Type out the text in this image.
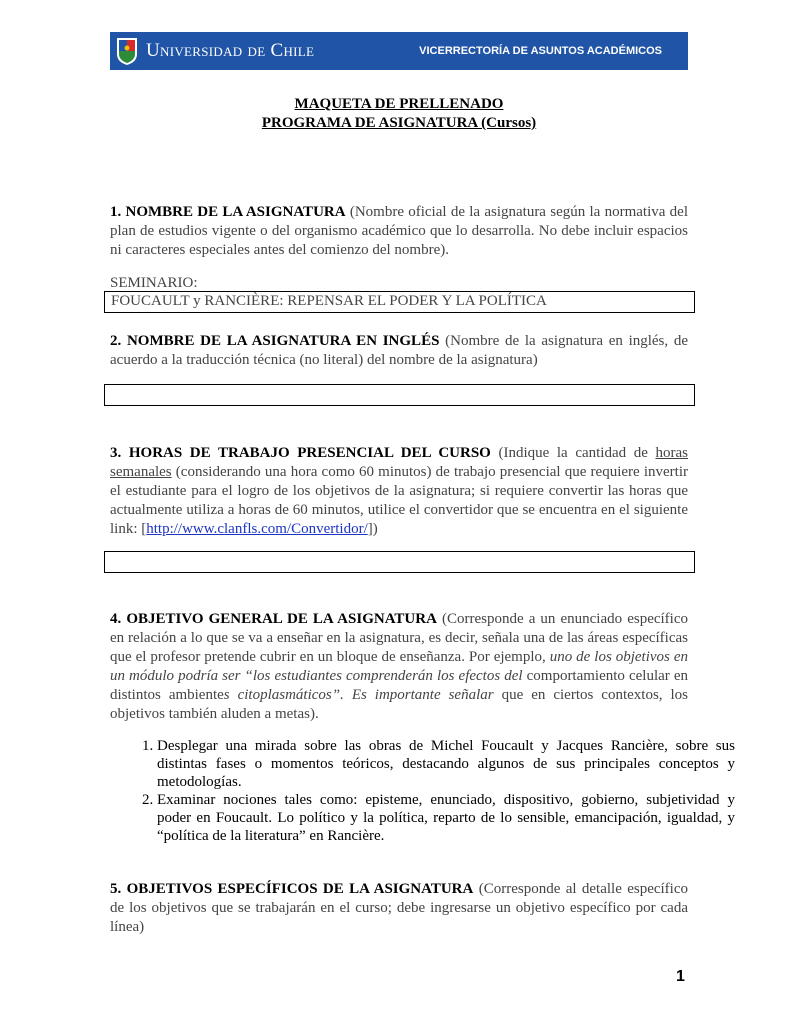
Universidad de Chile	VICERRECTORÍA DE ASUNTOS ACADÉMICOS
MAQUETA DE PRELLENADO
PROGRAMA DE ASIGNATURA (Cursos)
1. NOMBRE DE LA ASIGNATURA (Nombre oficial de la asignatura según la normativa del plan de estudios vigente o del organismo académico que lo desarrolla. No debe incluir espacios ni caracteres especiales antes del comienzo del nombre).
SEMINARIO:
FOUCAULT y RANCIÈRE: REPENSAR EL PODER Y LA POLÍTICA
2. NOMBRE DE LA ASIGNATURA EN INGLÉS (Nombre de la asignatura en inglés, de acuerdo a la traducción técnica (no literal) del nombre de la asignatura)
3. HORAS DE TRABAJO PRESENCIAL DEL CURSO (Indique la cantidad de horas semanales (considerando una hora como 60 minutos) de trabajo presencial que requiere invertir el estudiante para el logro de los objetivos de la asignatura; si requiere convertir las horas que actualmente utiliza a horas de 60 minutos, utilice el convertidor que se encuentra en el siguiente link: [http://www.clanfls.com/Convertidor/])
4. OBJETIVO GENERAL DE LA ASIGNATURA (Corresponde a un enunciado específico en relación a lo que se va a enseñar en la asignatura, es decir, señala una de las áreas específicas que el profesor pretende cubrir en un bloque de enseñanza. Por ejemplo, uno de los objetivos en un módulo podría ser “los estudiantes comprenderán los efectos del comportamiento celular en distintos ambientes citoplasmáticos”. Es importante señalar que en ciertos contextos, los objetivos también aluden a metas).
1. Desplegar una mirada sobre las obras de Michel Foucault y Jacques Rancière, sobre sus distintas fases o momentos teóricos, destacando algunos de sus principales conceptos y metodologías.
2. Examinar nociones tales como: episteme, enunciado, dispositivo, gobierno, subjetividad y poder en Foucault. Lo político y la política, reparto de lo sensible, emancipación, igualdad, y “política de la literatura” en Rancière.
5. OBJETIVOS ESPECÍFICOS DE LA ASIGNATURA (Corresponde al detalle específico de los objetivos que se trabajarán en el curso; debe ingresarse un objetivo específico por cada línea)
1
